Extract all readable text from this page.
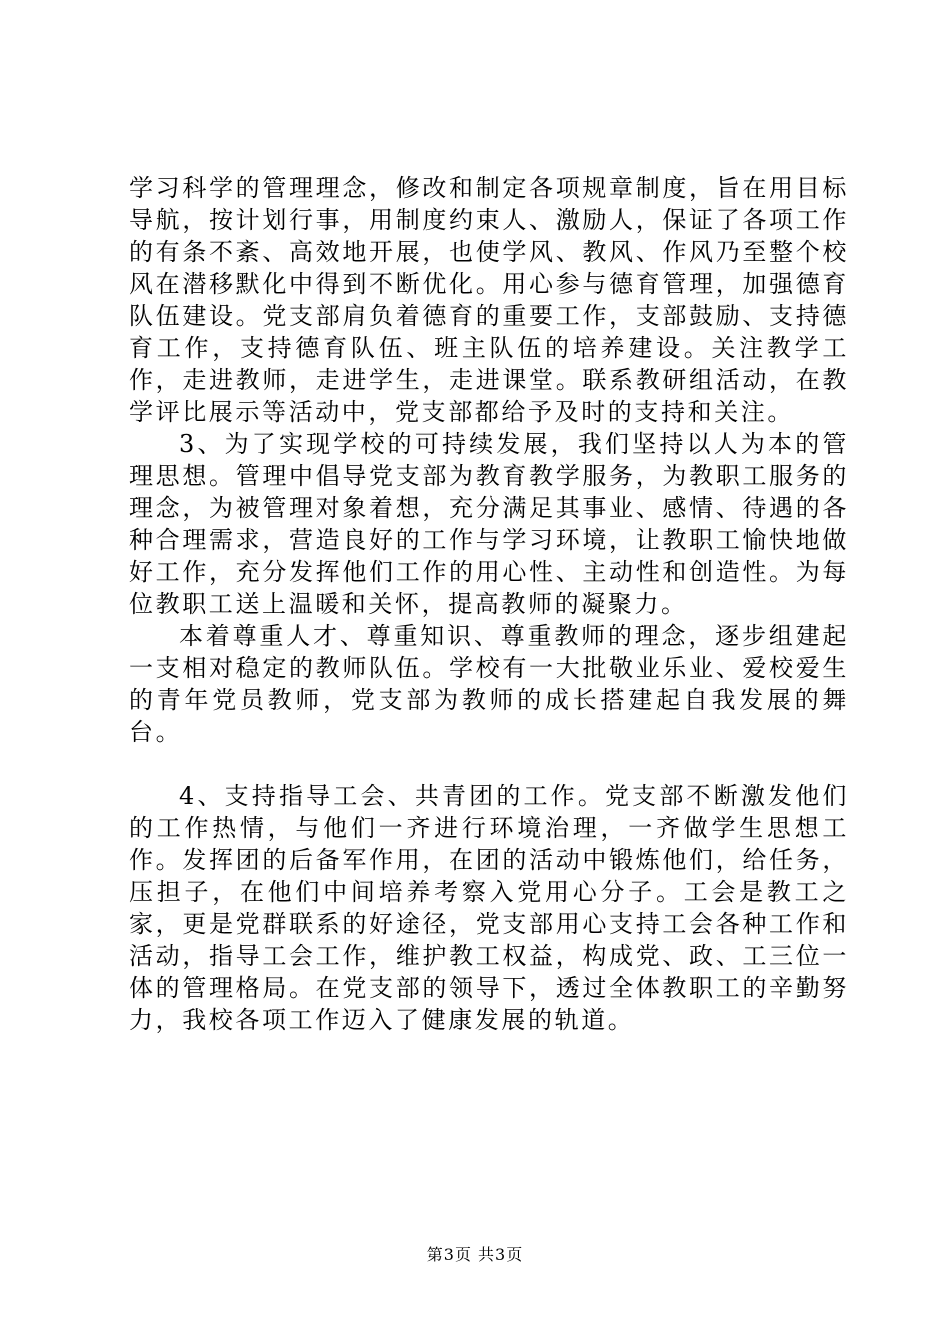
学习科学的管理理念，修改和制定各项规章制度，旨在用目标导航，按计划行事，用制度约束人、激励人，保证了各项工作的有条不紊、高效地开展，也使学风、教风、作风乃至整个校风在潜移默化中得到不断优化。用心参与德育管理，加强德育队伍建设。党支部肩负着德育的重要工作，支部鼓励、支持德育工作，支持德育队伍、班主队伍的培养建设。关注教学工作，走进教师，走进学生，走进课堂。联系教研组活动，在教学评比展示等活动中，党支部都给予及时的支持和关注。

3、为了实现学校的可持续发展，我们坚持以人为本的管理思想。管理中倡导党支部为教育教学服务，为教职工服务的理念，为被管理对象着想，充分满足其事业、感情、待遇的各种合理需求，营造良好的工作与学习环境，让教职工愉快地做好工作，充分发挥他们工作的用心性、主动性和创造性。为每位教职工送上温暖和关怀，提高教师的凝聚力。

本着尊重人才、尊重知识、尊重教师的理念，逐步组建起一支相对稳定的教师队伍。学校有一大批敬业乐业、爱校爱生的青年党员教师，党支部为教师的成长搭建起自我发展的舞台。

4、支持指导工会、共青团的工作。党支部不断激发他们的工作热情，与他们一齐进行环境治理，一齐做学生思想工作。发挥团的后备军作用，在团的活动中锻炼他们，给任务，压担子，在他们中间培养考察入党用心分子。工会是教工之家，更是党群联系的好途径，党支部用心支持工会各种工作和活动，指导工会工作，维护教工权益，构成党、政、工三位一体的管理格局。在党支部的领导下，透过全体教职工的辛勤努力，我校各项工作迈入了健康发展的轨道。

第3页 共3页
